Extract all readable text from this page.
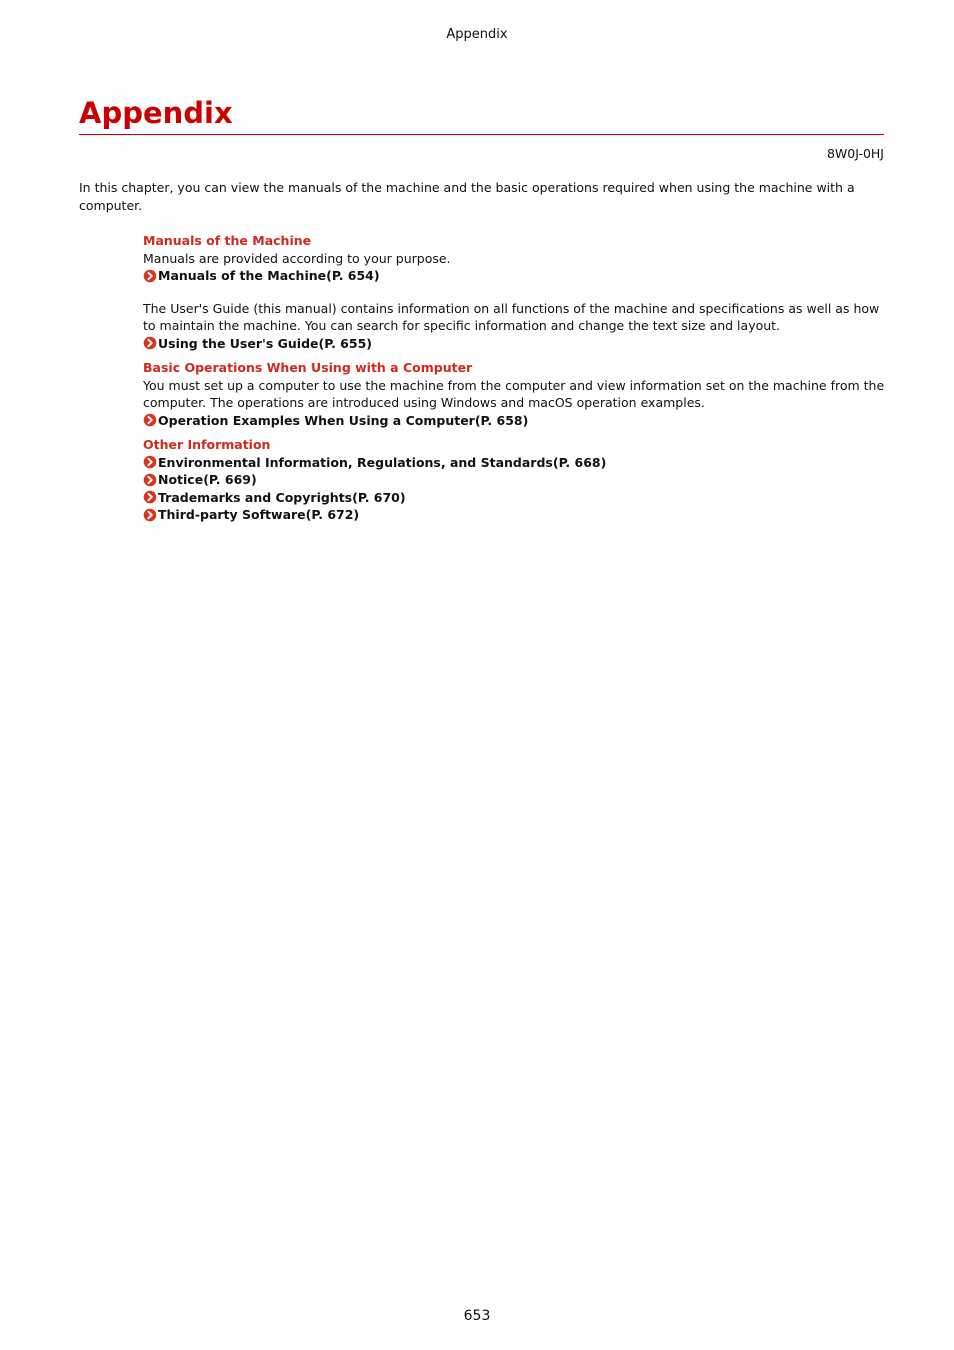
Appendix
Appendix
8W0J-0HJ

In this chapter, you can view the manuals of the machine and the basic operations required when using the machine with a computer.

Manuals of the Machine

Manuals are provided according to your purpose.

Manuals of the Machine(P. 654)

The User's Guide (this manual) contains information on all functions of the machine and specifications as well as how to maintain the machine. You can search for specific information and change the text size and layout.

Using the User's Guide(P. 655)
Basic Operations When Using with a Computer

You must set up a computer to use the machine from the computer and view information set on the machine from the computer. The operations are introduced using Windows and macOS operation examples.

Operation Examples When Using a Computer(P. 658)
Other Information
Environmental Information, Regulations, and Standards(P. 668)
Notice(P. 669)
Trademarks and Copyrights(P. 670)
Third-party Software(P. 672)
653
